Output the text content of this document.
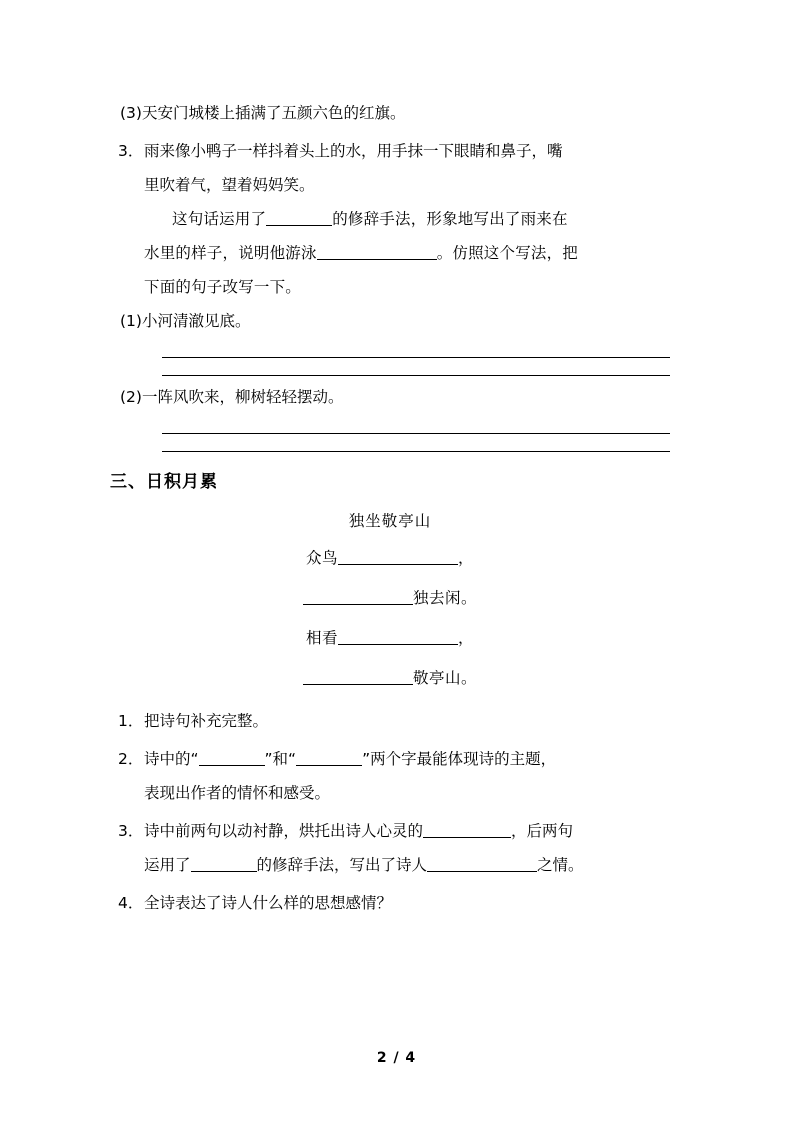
(3)天安门城楼上插满了五颜六色的红旗。
3． 雨来像小鸭子一样抖着头上的水，用手抹一下眼睛和鼻子，嘴
里吹着气，望着妈妈笑。
这句话运用了	的修辞手法，形象地写出了雨来在
水里的样子，说明他游泳	。仿照这个写法，把
下面的句子改写一下。
(1)小河清澈见底。
(2)一阵风吹来，柳树轻轻摆动。
三、日积月累
独坐敬亭山
众鸟	，
独去闲。
相看	，
敬亭山。
1． 把诗句补充完整。
2． 诗中的“	”和“	”两个字最能体现诗的主题，
表现出作者的情怀和感受。
3． 诗中前两句以动衬静，烘托出诗人心灵的	，后两句
运用了	的修辞手法，写出了诗人	之情。
4． 全诗表达了诗人什么样的思想感情？
2 / 4
